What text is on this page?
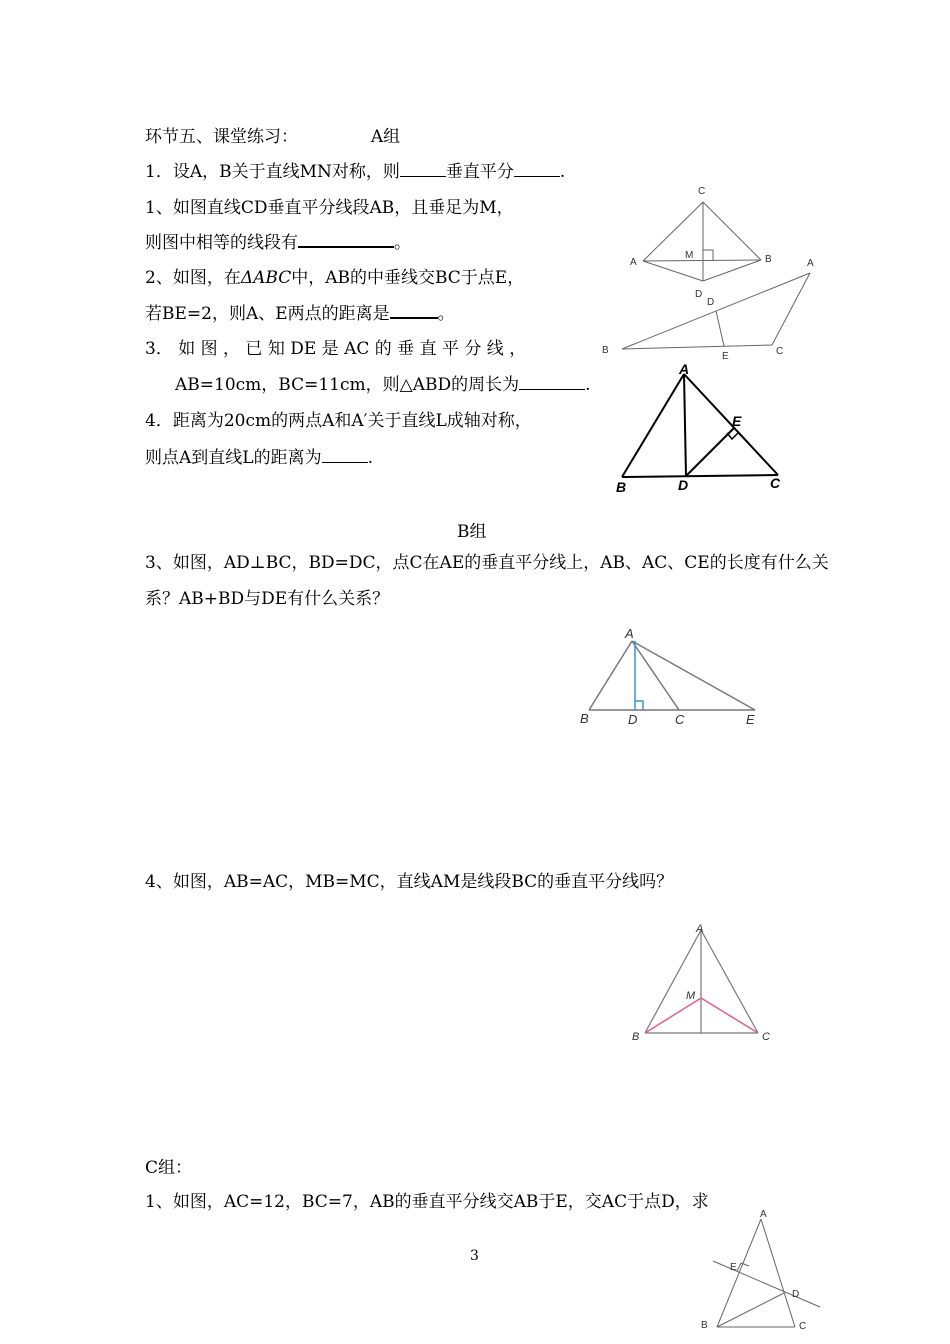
环节五、课堂练习：	A组
1．设A，B关于直线MN对称，则	垂直平分	.
1、如图直线CD垂直平分线段AB，且垂足为M，
则图中相等的线段有	。
2、如图，在ΔABC中，AB的中垂线交BC于点E，
若BE=2，则A、E两点的距离是	。
3． 如 图 ， 已 知 DE 是 AC 的 垂 直 平 分 线 ，
AB=10cm，BC=11cm，则△ABD的周长为	.
4．距离为20cm的两点A和A′关于直线L成轴对称，
则点A到直线L的距离为	.
B组
3、如图，AD⊥BC，BD=DC，点C在AE的垂直平分线上，AB、AC、CE的长度有什么关
系？AB+BD与DE有什么关系？
4、如图，AB=AC，MB=MC，直线AM是线段BC的垂直平分线吗？
C组：
1、如图，AC=12，BC=7，AB的垂直平分线交AB于E，交AC于点D，求
3
C
M
A	B
D
A
D
B
E	C
A
E
B	D	C
A
B	D	C	E
A
M
B	C
A
E
D
B	C
